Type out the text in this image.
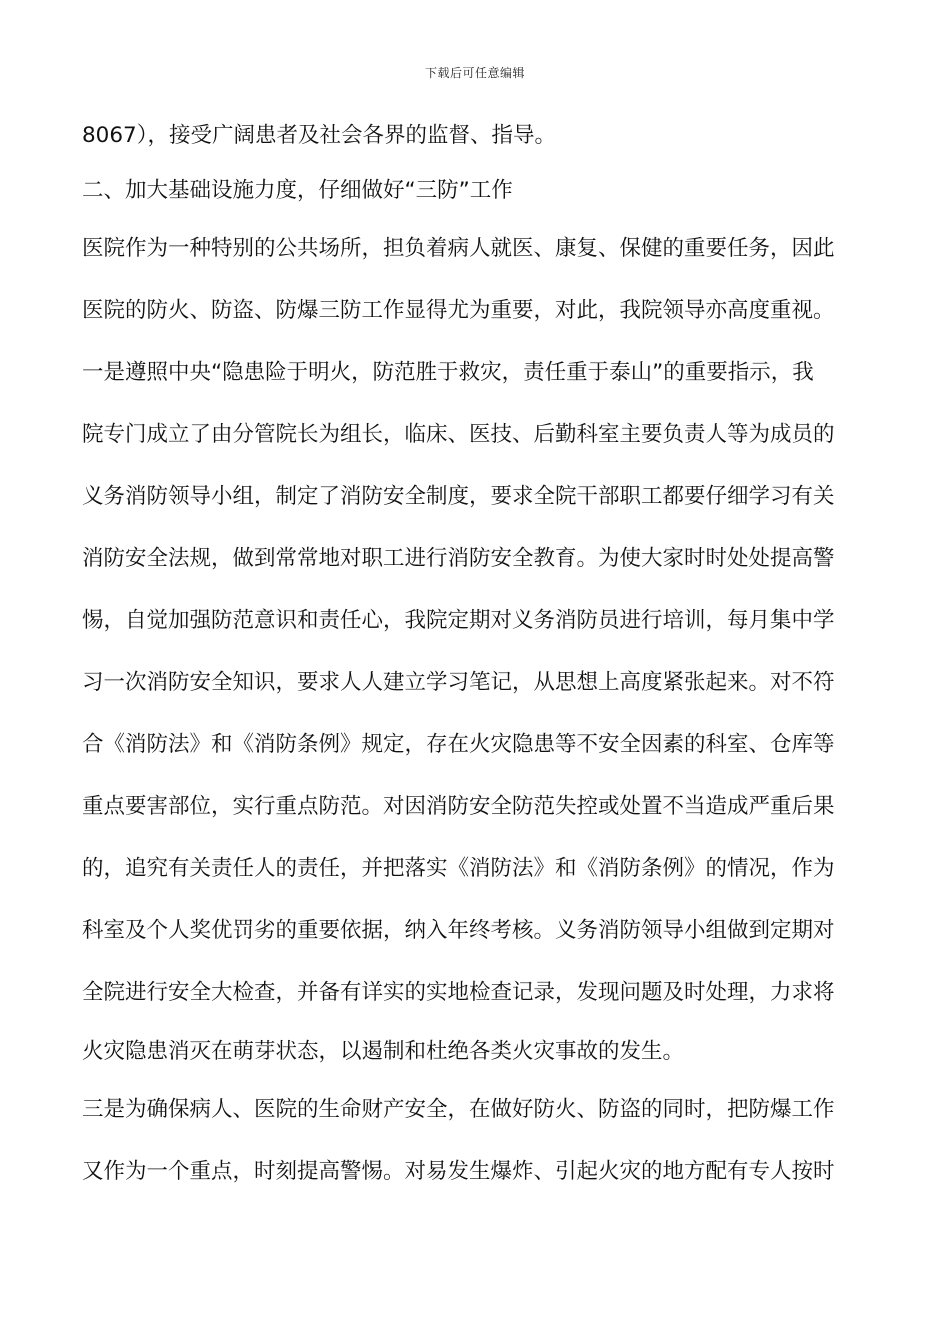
下载后可任意编辑
8067），接受广阔患者及社会各界的监督、指导。
二、加大基础设施力度，仔细做好“三防”工作
医院作为一种特别的公共场所，担负着病人就医、康复、保健的重要任务，因此
医院的防火、防盗、防爆三防工作显得尤为重要，对此，我院领导亦高度重视。
一是遵照中央“隐患险于明火，防范胜于救灾，责任重于泰山”的重要指示，我
院专门成立了由分管院长为组长，临床、医技、后勤科室主要负责人等为成员的
义务消防领导小组，制定了消防安全制度，要求全院干部职工都要仔细学习有关
消防安全法规，做到常常地对职工进行消防安全教育。为使大家时时处处提高警
惕，自觉加强防范意识和责任心，我院定期对义务消防员进行培训，每月集中学
习一次消防安全知识，要求人人建立学习笔记，从思想上高度紧张起来。对不符
合《消防法》和《消防条例》规定，存在火灾隐患等不安全因素的科室、仓库等
重点要害部位，实行重点防范。对因消防安全防范失控或处置不当造成严重后果
的，追究有关责任人的责任，并把落实《消防法》和《消防条例》的情况，作为
科室及个人奖优罚劣的重要依据，纳入年终考核。义务消防领导小组做到定期对
全院进行安全大检查，并备有详实的实地检查记录，发现问题及时处理，力求将
火灾隐患消灭在萌芽状态，以遏制和杜绝各类火灾事故的发生。
三是为确保病人、医院的生命财产安全，在做好防火、防盗的同时，把防爆工作
又作为一个重点，时刻提高警惕。对易发生爆炸、引起火灾的地方配有专人按时
